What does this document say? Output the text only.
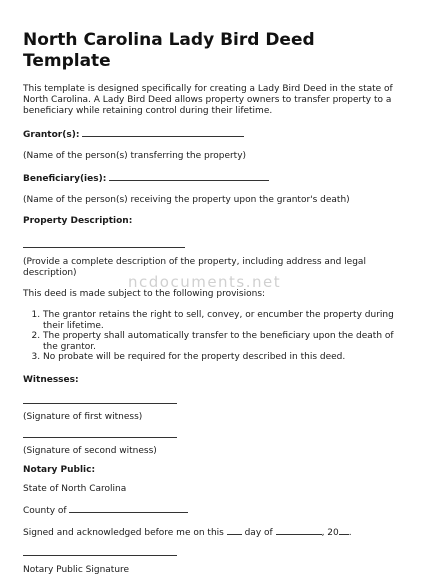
North Carolina Lady Bird Deed Template

This template is designed specifically for creating a Lady Bird Deed in the state of North Carolina. A Lady Bird Deed allows property owners to transfer property to a beneficiary while retaining control during their lifetime.

Grantor(s):

(Name of the person(s) transferring the property)

Beneficiary(ies):

(Name of the person(s) receiving the property upon the grantor's death)

Property Description:

(Provide a complete description of the property, including address and legal description)

This deed is made subject to the following provisions:

1. The grantor retains the right to sell, convey, or encumber the property during their lifetime.
2. The property shall automatically transfer to the beneficiary upon the death of the grantor.
3. No probate will be required for the property described in this deed.

Witnesses:

(Signature of first witness)

(Signature of second witness)

Notary Public:

State of North Carolina

County of

Signed and acknowledged before me on this day of	, 20 .

Notary Public Signature

ncdocuments.net
